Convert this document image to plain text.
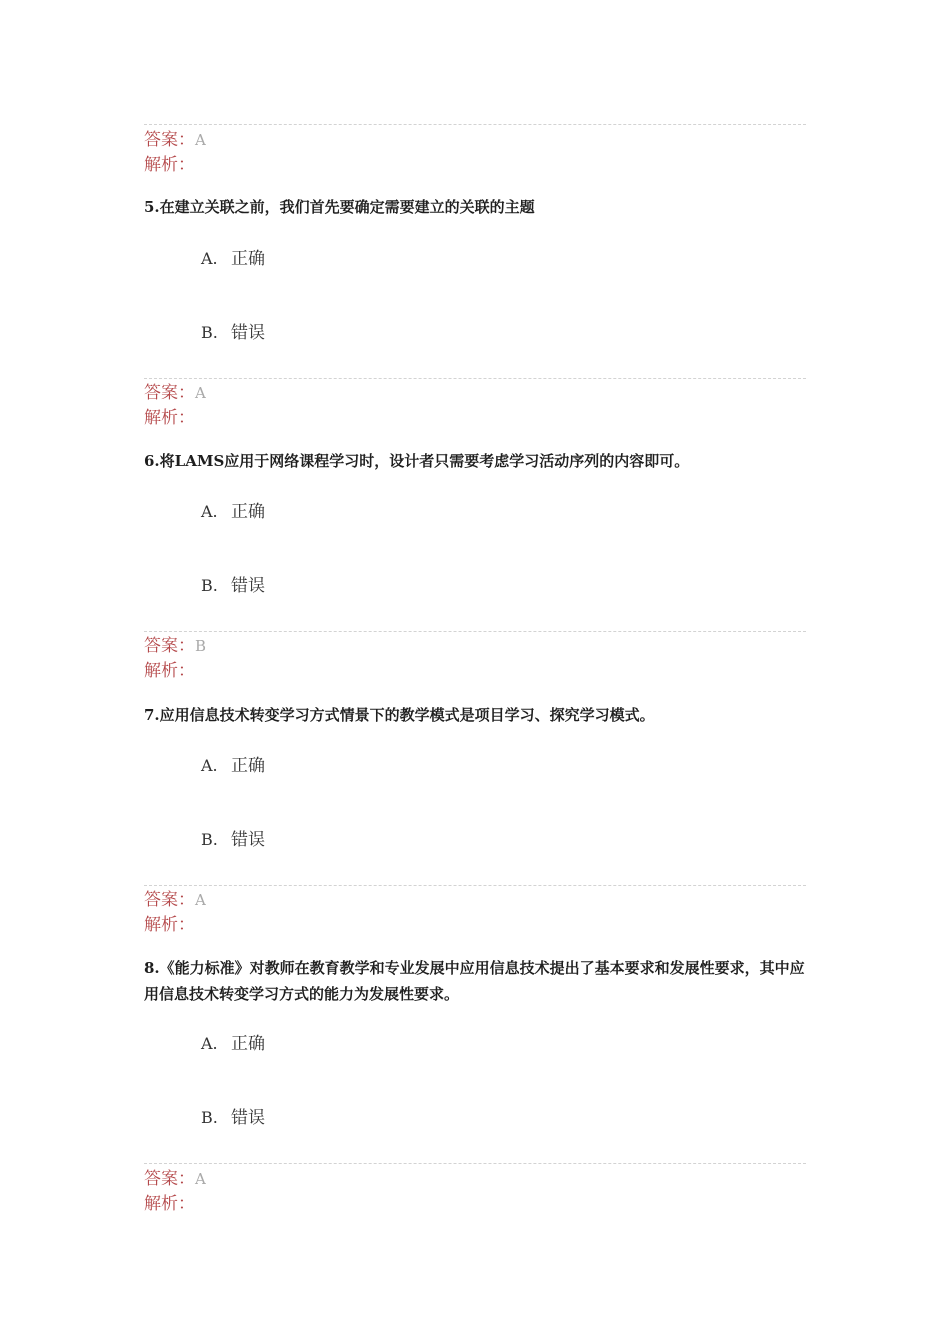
答案：A
解析：
5.在建立关联之前，我们首先要确定需要建立的关联的主题
A. 正确
B. 错误
答案：A
解析：
6.将LAMS应用于网络课程学习时，设计者只需要考虑学习活动序列的内容即可。
A. 正确
B. 错误
答案：B
解析：
7.应用信息技术转变学习方式情景下的教学模式是项目学习、探究学习模式。
A. 正确
B. 错误
答案：A
解析：
8.《能力标准》对教师在教育教学和专业发展中应用信息技术提出了基本要求和发展性要求，其中应用信息技术转变学习方式的能力为发展性要求。
A. 正确
B. 错误
答案：A
解析：
